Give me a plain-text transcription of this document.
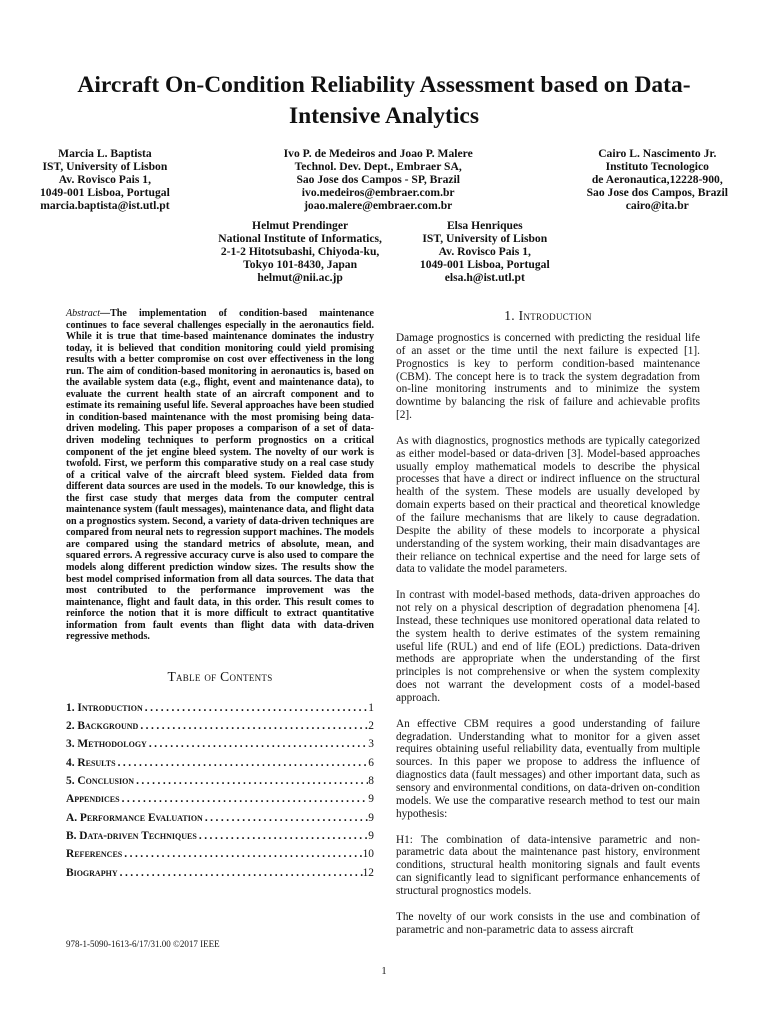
Aircraft On-Condition Reliability Assessment based on Data-Intensive Analytics
Marcia L. Baptista
IST, University of Lisbon
Av. Rovisco Pais 1,
1049-001 Lisboa, Portugal
marcia.baptista@ist.utl.pt
Ivo P. de Medeiros and Joao P. Malere
Technol. Dev. Dept., Embraer SA,
Sao Jose dos Campos - SP, Brazil
ivo.medeiros@embraer.com.br
joao.malere@embraer.com.br
Cairo L. Nascimento Jr.
Instituto Tecnologico
de Aeronautica,12228-900,
Sao Jose dos Campos, Brazil
cairo@ita.br
Helmut Prendinger
National Institute of Informatics,
2-1-2 Hitotsubashi, Chiyoda-ku,
Tokyo 101-8430, Japan
helmut@nii.ac.jp
Elsa Henriques
IST, University of Lisbon
Av. Rovisco Pais 1,
1049-001 Lisboa, Portugal
elsa.h@ist.utl.pt

Abstract—The implementation of condition-based maintenance continues to face several challenges especially in the aeronautics field. While it is true that time-based maintenance dominates the industry today, it is believed that condition monitoring could yield promising results with a better compromise on cost over effectiveness in the long run. The aim of condition-based monitoring in aeronautics is, based on the available system data (e.g., flight, event and maintenance data), to evaluate the current health state of an aircraft component and to estimate its remaining useful life. Several approaches have been studied in condition-based maintenance with the most promising being data-driven modeling. This paper proposes a comparison of a set of data-driven modeling techniques to perform prognostics on a critical component of the jet engine bleed system. The novelty of our work is twofold. First, we perform this comparative study on a real case study of a critical valve of the aircraft bleed system. Fielded data from different data sources are used in the models. To our knowledge, this is the first case study that merges data from the computer central maintenance system (fault messages), maintenance data, and flight data on a prognostics system. Second, a variety of data-driven techniques are compared from neural nets to regression support machines. The models are compared using the standard metrics of absolute, mean, and squared errors. A regressive accuracy curve is also used to compare the models along different prediction window sizes. The results show the best model comprised information from all data sources. The data that most contributed to the performance improvement was the maintenance, flight and fault data, in this order. This result comes to reinforce the notion that it is more difficult to extract quantitative information from fault events than flight data with data-driven regressive methods.

Table of Contents
1. Introduction .....	1
2. Background .....	2
3. Methodology .....	3
4. Results .....	6
5. Conclusion .....	8
Appendices .....	9
A. Performance Evaluation .....	9
B. Data-driven Techniques .....	9
References .....	10
Biography .....	12
1. Introduction

Damage prognostics is concerned with predicting the residual life of an asset or the time until the next failure is expected [1]. Prognostics is key to perform condition-based maintenance (CBM). The concept here is to track the system degradation from on-line monitoring instruments and to minimize the system downtime by balancing the risk of failure and achievable profits [2].

As with diagnostics, prognostics methods are typically categorized as either model-based or data-driven [3]. Model-based approaches usually employ mathematical models to describe the physical processes that have a direct or indirect influence on the structural health of the system. These models are usually developed by domain experts based on their practical and theoretical knowledge of the failure mechanisms that are likely to cause degradation. Despite the ability of these models to incorporate a physical understanding of the system working, their main disadvantages are their reliance on technical expertise and the need for large sets of data to validate the model parameters.

In contrast with model-based methods, data-driven approaches do not rely on a physical description of degradation phenomena [4]. Instead, these techniques use monitored operational data related to the system health to derive estimates of the system remaining useful life (RUL) and end of life (EOL) predictions. Data-driven methods are appropriate when the understanding of the first principles is not comprehensive or when the system complexity does not warrant the development costs of a model-based approach.

An effective CBM requires a good understanding of failure degradation. Understanding what to monitor for a given asset requires obtaining useful reliability data, eventually from multiple sources. In this paper we propose to address the influence of diagnostics data (fault messages) and other important data, such as sensory and environmental conditions, on data-driven on-condition models. We use the comparative research method to test our main hypothesis:

H1: The combination of data-intensive parametric and non-parametric data about the maintenance past history, environment conditions, structural health monitoring signals and fault events can significantly lead to significant performance enhancements of structural prognostics models.

The novelty of our work consists in the use and combination of parametric and non-parametric data to assess aircraft

978-1-5090-1613-6/17/31.00 ©2017 IEEE
1
